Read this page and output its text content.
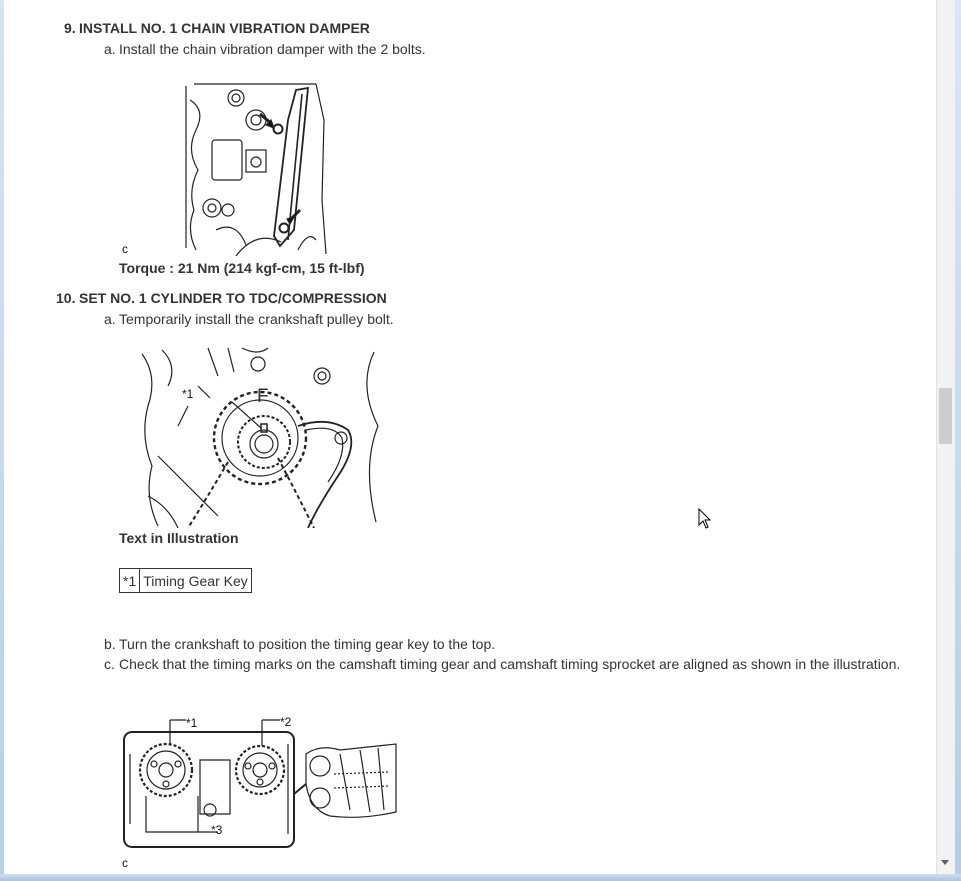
9. INSTALL NO. 1 CHAIN VIBRATION DAMPER
a. Install the chain vibration damper with the 2 bolts.
c
Torque : 21 Nm (214 kgf-cm, 15 ft-lbf)
10. SET NO. 1 CYLINDER TO TDC/COMPRESSION
a. Temporarily install the crankshaft pulley bolt.
*1	F
Text in Illustration
*1	Timing Gear Key
b. Turn the crankshaft to position the timing gear key to the top.
c. Check that the timing marks on the camshaft timing gear and camshaft timing sprocket are aligned as shown in the illustration.
*1	*2
*3
c
